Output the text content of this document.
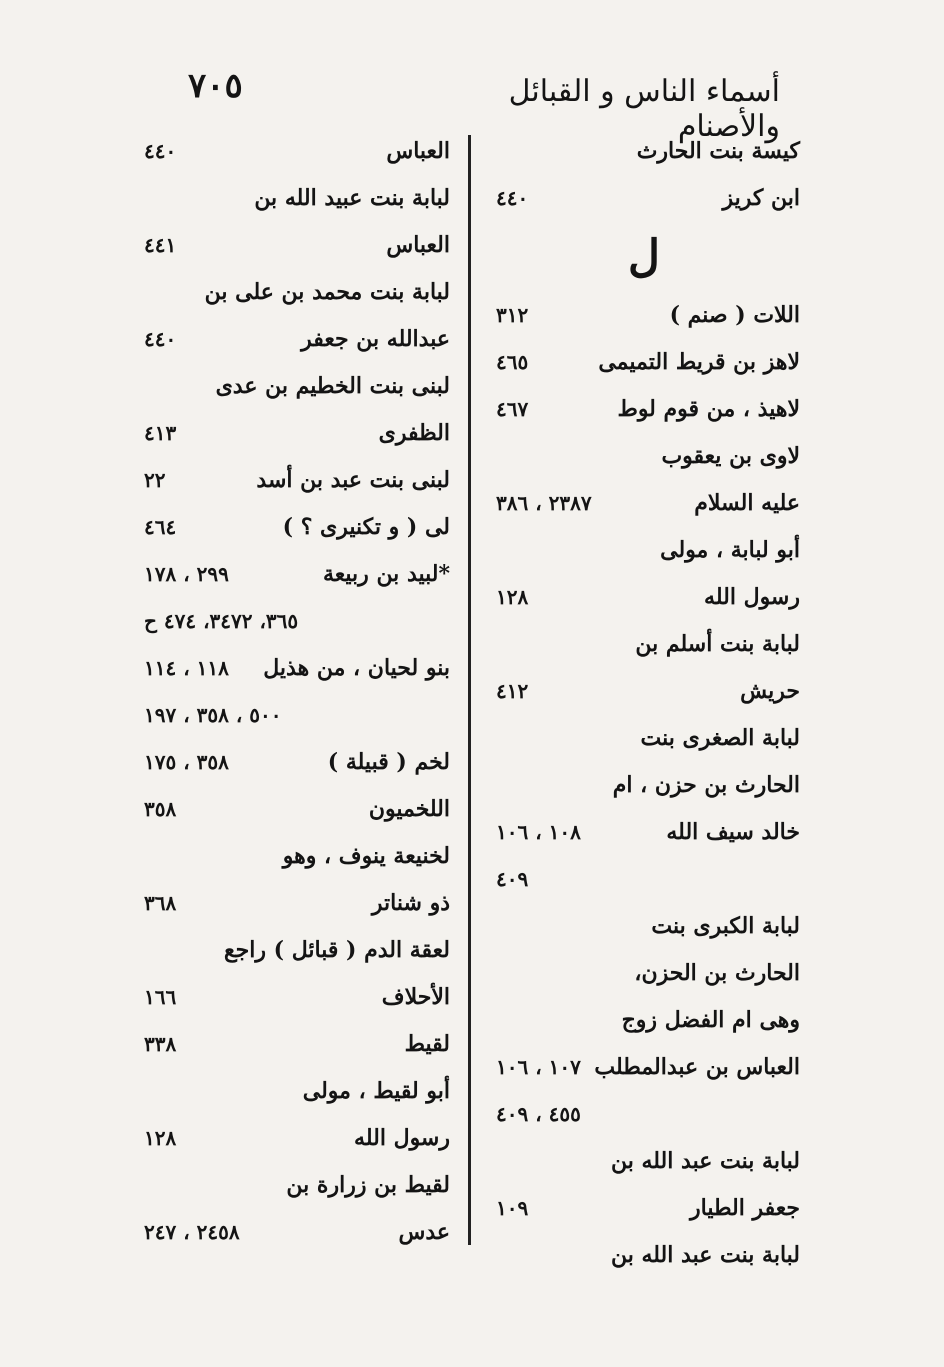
٧٠٥	أسماء الناس و القبائل والأصنام
كيسة بنت الحارث
ابن كريز
٤٤٠
ل
اللات ( صنم )
٣١٢
لاهز بن قريط التميمى
٤٦٥
لاهيذ ، من قوم لوط
٤٦٧
لاوى بن يعقوب
عليه السلام
٢٣٨٧ ، ٣٨٦
أبو لبابة ، مولى
رسول الله
١٢٨
لبابة بنت أسلم بن
حريش
٤١٢
لبابة الصغرى بنت
الحارث بن حزن ، ام
خالد سيف الله
١٠٨ ، ١٠٦
٤٠٩
لبابة الكبرى بنت
الحارث بن الحزن،
وهى ام الفضل زوج
العباس بن عبدالمطلب
١٠٧ ، ١٠٦
٤٥٥ ، ٤٠٩
لبابة بنت عبد الله بن
جعفر الطيار
١٠٩
لبابة بنت عبد الله بن
العباس
٤٤٠
لبابة بنت عبيد الله بن
العباس
٤٤١
لبابة بنت محمد بن على بن
عبدالله بن جعفر
٤٤٠
لبنى بنت الخطيم بن عدى
الظفرى
٤١٣
لبنى بنت عبد بن أسد
٢٢
لى ( و تكنيرى ؟ )
٤٦٤
*لبيد بن ربيعة
٢٩٩ ، ١٧٨
٣٦٥، ٣٤٧٢، ٤٧٤ ح
بنو لحيان ، من هذيل
١١٨ ، ١١٤
٥٠٠ ، ٣٥٨ ، ١٩٧
لخم ( قبيلة )
٣٥٨ ، ١٧٥
اللخميون
٣٥٨
لخنيعة ينوف ، وهو
ذو شناتر
٣٦٨
لعقة الدم ( قبائل ) راجع
الأحلاف
١٦٦
لقيط
٣٣٨
أبو لقيط ، مولى
رسول الله
١٢٨
لقيط بن زرارة بن
عدس
٢٤٥٨ ، ٢٤٧
